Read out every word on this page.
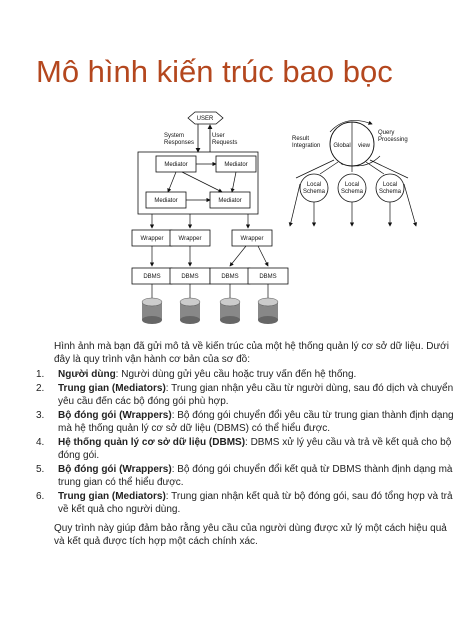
Mô hình kiến trúc bao bọc
USER
System
Responses
User
Requests
Mediator	Mediator
Mediator	Mediator
Wrapper	Wrapper	Wrapper
DBMS	DBMS	DBMS	DBMS
Result
Integration
Query
Processing
Global view
Local
Schema
Local
Schema
Local
Schema

Hình ảnh mà bạn đã gửi mô tả về kiến trúc của một hệ thống quản lý cơ sở dữ liệu. Dưới đây là quy trình vận hành cơ bản của sơ đồ:

1. Người dùng: Người dùng gửi yêu cầu hoặc truy vấn đến hệ thống.
2. Trung gian (Mediators): Trung gian nhận yêu cầu từ người dùng, sau đó dịch và chuyển yêu cầu đến các bộ đóng gói phù hợp.
3. Bộ đóng gói (Wrappers): Bộ đóng gói chuyển đổi yêu cầu từ trung gian thành định dạng mà hệ thống quản lý cơ sở dữ liệu (DBMS) có thể hiểu được.
4. Hệ thống quản lý cơ sở dữ liệu (DBMS): DBMS xử lý yêu cầu và trả về kết quả cho bộ đóng gói.
5. Bộ đóng gói (Wrappers): Bộ đóng gói chuyển đổi kết quả từ DBMS thành định dạng mà trung gian có thể hiểu được.
6. Trung gian (Mediators): Trung gian nhận kết quả từ bộ đóng gói, sau đó tổng hợp và trả về kết quả cho người dùng.

Quy trình này giúp đảm bảo rằng yêu cầu của người dùng được xử lý một cách hiệu quả và kết quả được tích hợp một cách chính xác.
